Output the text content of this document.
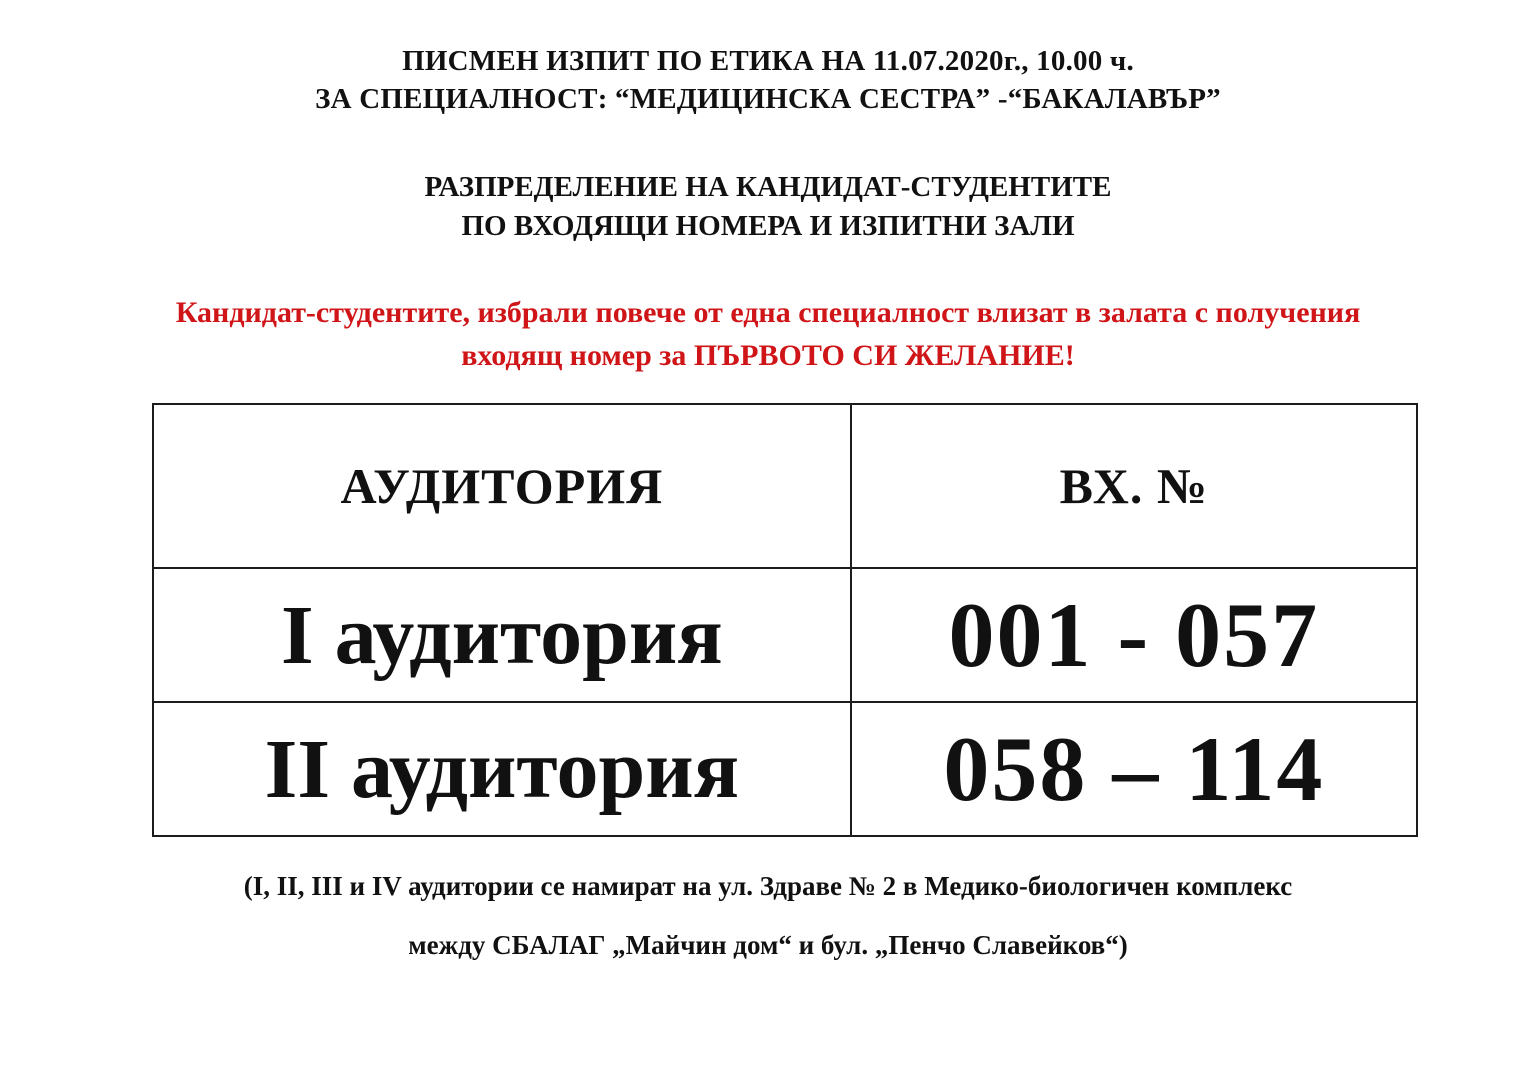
ПИСМЕН ИЗПИТ ПО ЕТИКА НА 11.07.2020г., 10.00 ч.
ЗА СПЕЦИАЛНОСТ: “МЕДИЦИНСКА СЕСТРА” -“БАКАЛАВЪР”
РАЗПРЕДЕЛЕНИЕ НА КАНДИДАТ-СТУДЕНТИТЕ
ПО ВХОДЯЩИ НОМЕРА И ИЗПИТНИ ЗАЛИ
Кандидат-студентите, избрали повече от една специалност влизат в залата с получения
входящ номер за ПЪРВОТО СИ ЖЕЛАНИЕ!
АУДИТОРИЯ	ВХ. №
I аудитория	001 - 057
II аудитория	058 – 114
(I, II, III и IV аудитории се намират на ул. Здраве № 2 в Медико-биологичен комплекс
между СБАЛАГ „Майчин дом“ и бул. „Пенчо Славейков“)
